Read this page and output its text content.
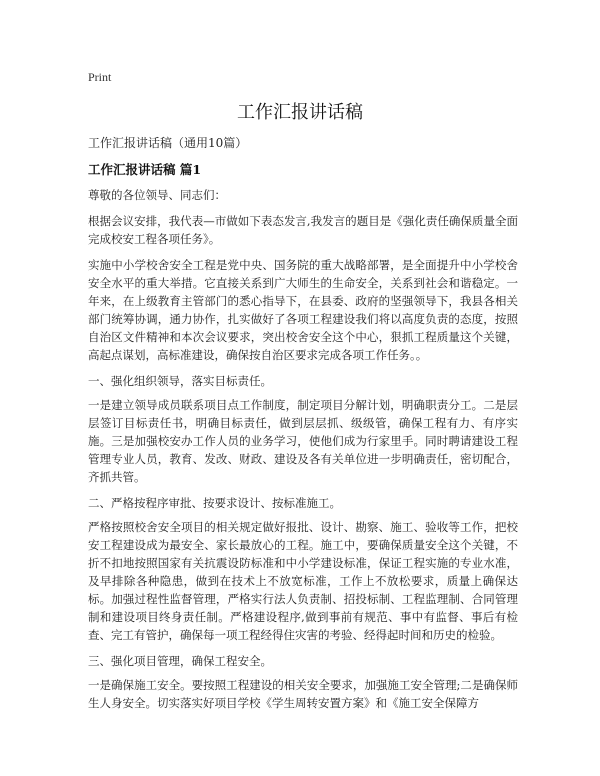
Print
工作汇报讲话稿
工作汇报讲话稿（通用10篇）
工作汇报讲话稿 篇1

尊敬的各位领导、同志们：

根据会议安排，我代表—市做如下表态发言,我发言的题目是《强化责任确保质量全面完成校安工程各项任务》。

实施中小学校舍安全工程是党中央、国务院的重大战略部署，是全面提升中小学校舍安全水平的重大举措。它直接关系到广大师生的生命安全，关系到社会和谐稳定。一年来，在上级教育主管部门的悉心指导下，在县委、政府的坚强领导下，我县各相关部门统筹协调，通力协作，扎实做好了各项工程建设我们将以高度负责的态度，按照自治区文件精神和本次会议要求，突出校舍安全这个中心，狠抓工程质量这个关键，高起点谋划，高标准建设，确保按自治区要求完成各项工作任务。。

一、强化组织领导，落实目标责任。

一是建立领导成员联系项目点工作制度，制定项目分解计划，明确职责分工。二是层层签订目标责任书，明确目标责任，做到层层抓、级级管，确保工程有力、有序实施。三是加强校安办工作人员的业务学习，使他们成为行家里手。同时聘请建设工程管理专业人员，教育、发改、财政、建设及各有关单位进一步明确责任，密切配合，齐抓共管。

二、严格按程序审批、按要求设计、按标准施工。

严格按照校舍安全项目的相关规定做好报批、设计、勘察、施工、验收等工作，把校安工程建设成为最安全、家长最放心的工程。施工中，要确保质量安全这个关键，不折不扣地按照国家有关抗震设防标准和中小学建设标准，保证工程实施的专业水准，及早排除各种隐患，做到在技术上不放宽标准，工作上不放松要求，质量上确保达标。加强过程性监督管理，严格实行法人负责制、招投标制、工程监理制、合同管理制和建设项目终身责任制。严格建设程序,做到事前有规范、事中有监督、事后有检查、完工有管护，确保每一项工程经得住灾害的考验、经得起时间和历史的检验。

三、强化项目管理，确保工程安全。

一是确保施工安全。要按照工程建设的相关安全要求，加强施工安全管理;二是确保师生人身安全。切实落实好项目学校《学生周转安置方案》和《施工安全保障方
